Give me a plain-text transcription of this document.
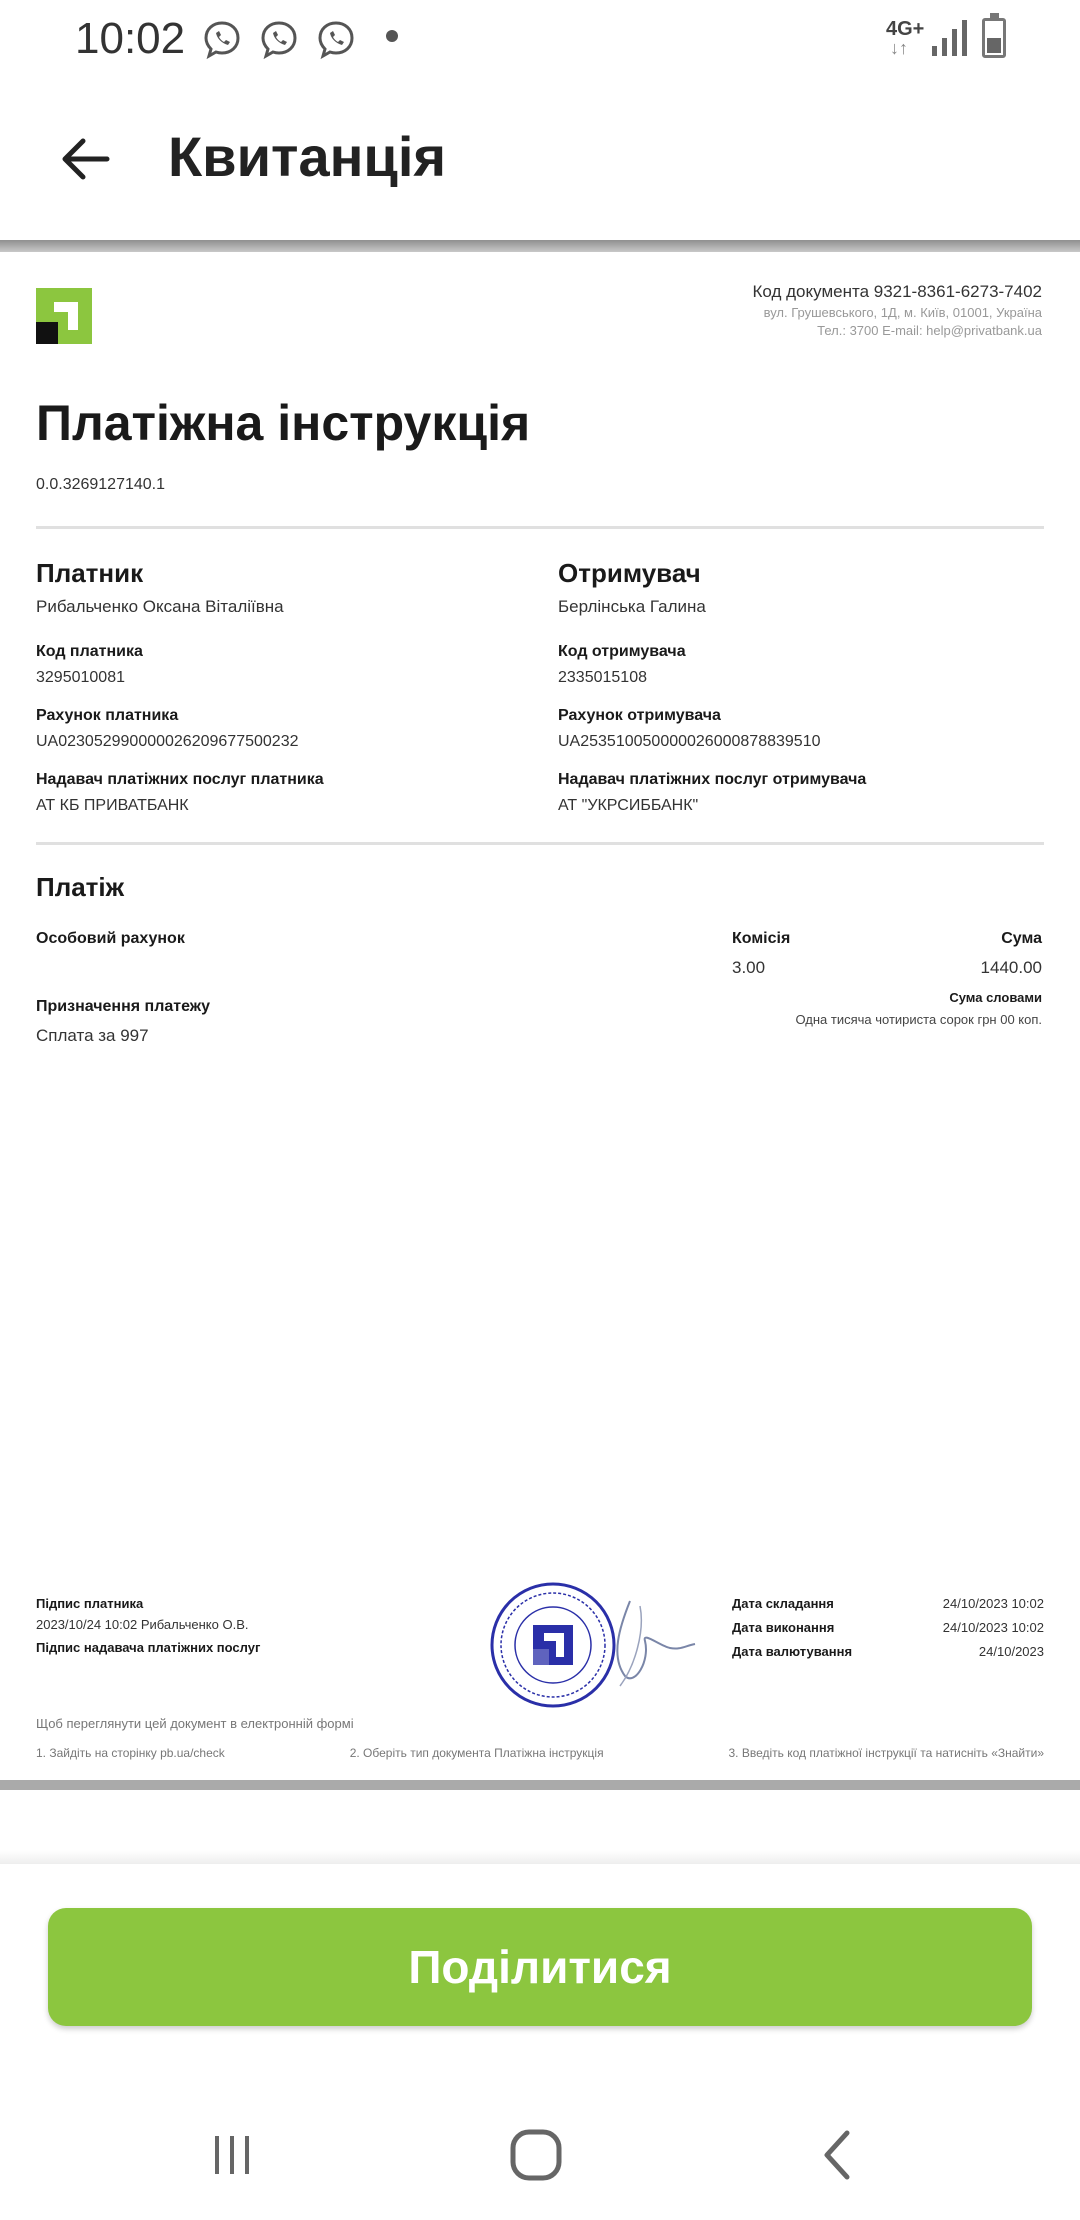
10:02	4G+
↓↑
Квитанція
Код документа 9321-8361-6273-7402
вул. Грушевського, 1Д, м. Київ, 01001, Україна
Тел.: 3700 E-mail: help@privatbank.ua
Платіжна інструкція
0.0.3269127140.1
Платник
Рибальченко Оксана Віталіївна
Код платника
3295010081
Рахунок платника
UA023052990000026209677500232
Надавач платіжних послуг платника
АТ КБ ПРИВАТБАНК
Отримувач
Берлінська Галина
Код отримувача
2335015108
Рахунок отримувача
UA253510050000026000878839510
Надавач платіжних послуг отримувача
АТ "УКРСИББАНК"
Платіж
Особовий рахунок
Призначення платежу
Сплата за 997
Комісія
3.00
Сума
1440.00
Сума словами
Одна тисяча чотириста сорок грн 00 коп.
Підпис платника
2023/10/24 10:02 Рибальченко О.В.
Підпис надавача платіжних послуг
Дата складання	24/10/2023 10:02
Дата виконання	24/10/2023 10:02
Дата валютування	24/10/2023
Щоб переглянути цей документ в електронній формі
1. Зайдіть на сторінку pb.ua/check	2. Оберіть тип документа Платіжна інструкція	3. Введіть код платіжної інструкції та натисніть «Знайти»
Поділитися
